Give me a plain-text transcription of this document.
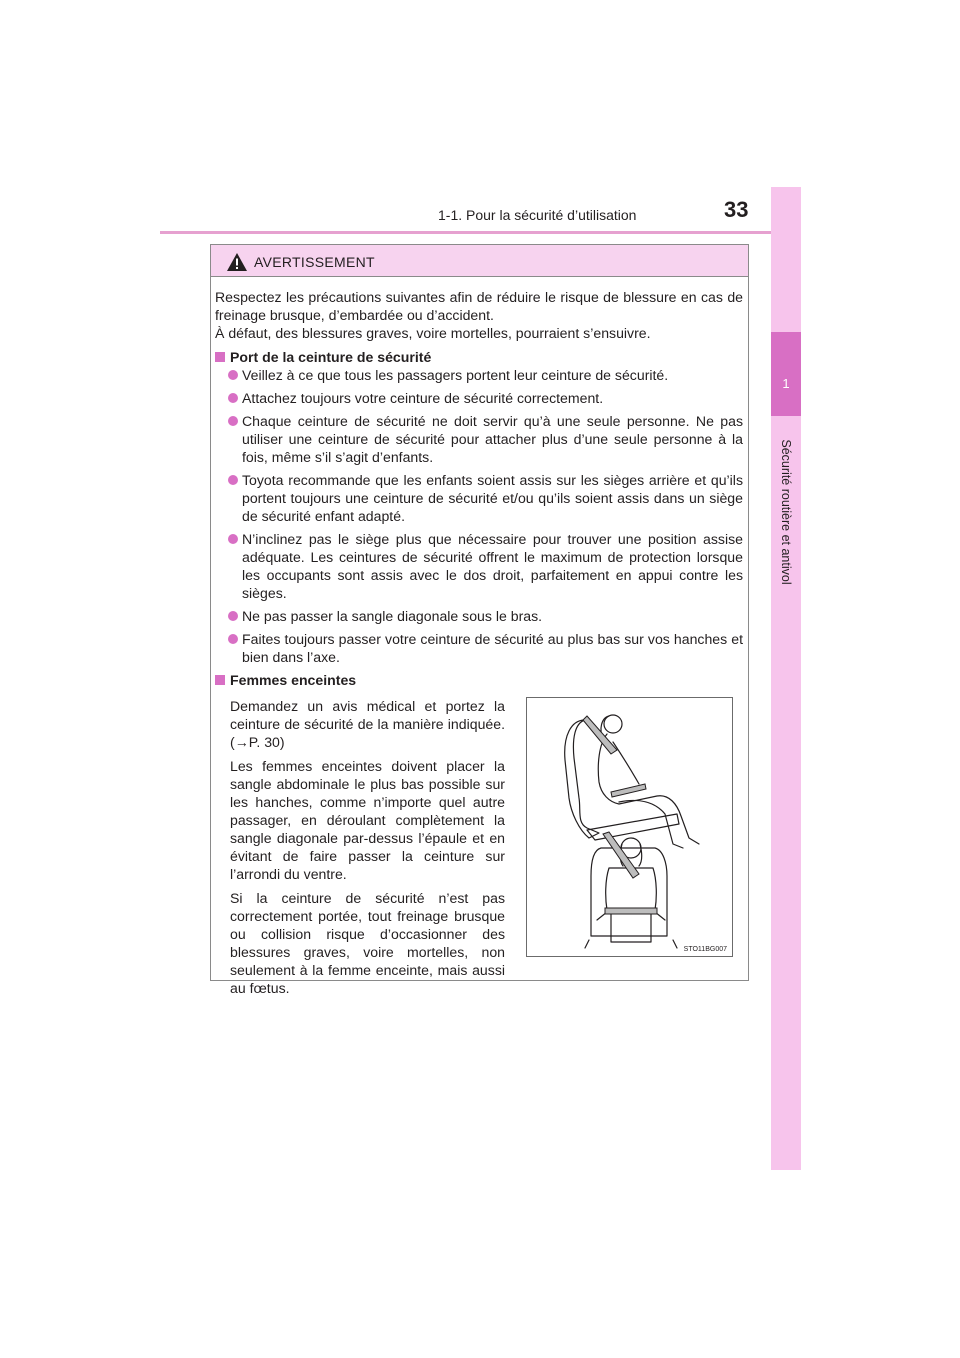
1-1. Pour la sécurité d’utilisation	33
1
Sécurité routière et antivol
AVERTISSEMENT

Respectez les précautions suivantes afin de réduire le risque de blessure en cas de freinage brusque, d’embardée ou d’accident.

À défaut, des blessures graves, voire mortelles, pourraient s’ensuivre.

Port de la ceinture de sécurité

Veillez à ce que tous les passagers portent leur ceinture de sécurité.

Attachez toujours votre ceinture de sécurité correctement.

Chaque ceinture de sécurité ne doit servir qu’à une seule personne. Ne pas utiliser une ceinture de sécurité pour attacher plus d’une seule personne à la fois, même s’il s’agit d’enfants.

Toyota recommande que les enfants soient assis sur les sièges arrière et qu’ils portent toujours une ceinture de sécurité et/ou qu’ils soient assis dans un siège de sécurité enfant adapté.

N’inclinez pas le siège plus que nécessaire pour trouver une position assise adéquate. Les ceintures de sécurité offrent le maximum de protection lorsque les occupants sont assis avec le dos droit, parfaitement en appui contre les sièges.

Ne pas passer la sangle diagonale sous le bras.

Faites toujours passer votre ceinture de sécurité au plus bas sur vos hanches et bien dans l’axe.

Femmes enceintes

Demandez un avis médical et portez la ceinture de sécurité de la manière indiquée. (→P. 30)

Les femmes enceintes doivent placer la sangle abdominale le plus bas possible sur les hanches, comme n’importe quel autre passager, en déroulant complètement la sangle diagonale par-dessus l’épaule et en évitant de faire passer la ceinture sur l’arrondi du ventre.

Si la ceinture de sécurité n’est pas correctement portée, tout freinage brusque ou collision risque d’occasionner des blessures graves, voire mortelles, non seulement à la femme enceinte, mais aussi au fœtus.

STO11BG007
